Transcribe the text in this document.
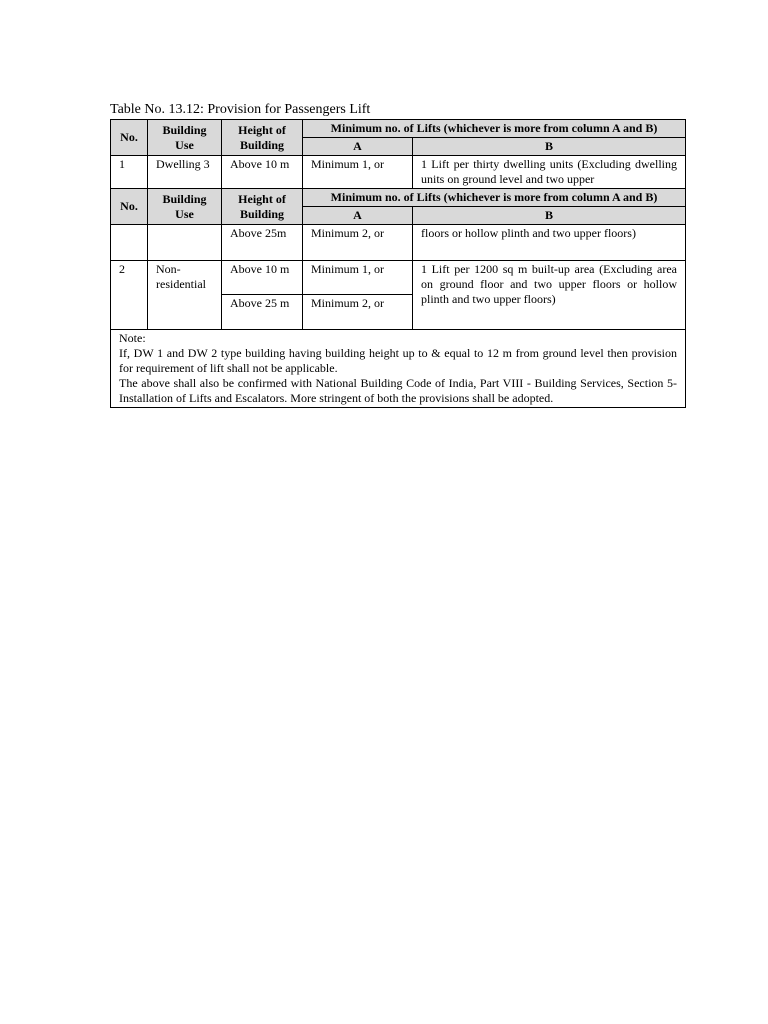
Table No. 13.12: Provision for Passengers Lift
No.	Building Use	Height of Building	Minimum no. of Lifts (whichever is more from column A and B)	
			A	B
1	Dwelling 3	Above 10 m	Minimum 1, or	1 Lift per thirty dwelling units (Excluding dwelling units on ground level and two upper
No.	Building Use	Height of Building	Minimum no. of Lifts (whichever is more from column A and B)	
			A	B
		Above 25m	Minimum 2, or	floors or hollow plinth and two upper floors)
2	Non-residential	Above 10 m	Minimum 1, or	1 Lift per 1200 sq m built-up area (Excluding area on ground floor and two upper floors or hollow plinth and two upper floors)
		Above 25 m	Minimum 2, or	

Note:

If, DW 1 and DW 2 type building having building height up to & equal to 12 m from ground level then provision for requirement of lift shall not be applicable.

The above shall also be confirmed with National Building Code of India, Part VIII - Building Services, Section 5- Installation of Lifts and Escalators. More stringent of both the provisions shall be adopted.				
